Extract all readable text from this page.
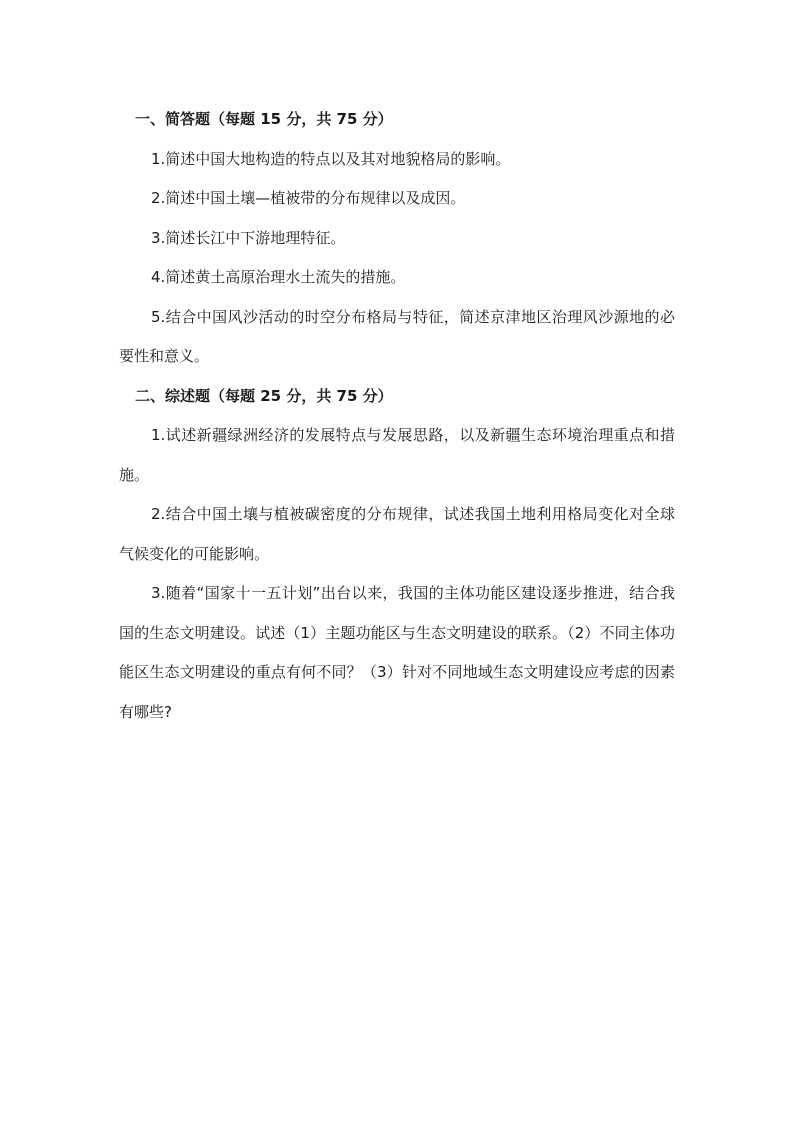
一、简答题（每题 15 分，共 75 分）

1.简述中国大地构造的特点以及其对地貌格局的影响。

2.简述中国土壤—植被带的分布规律以及成因。

3.简述长江中下游地理特征。

4.简述黄土高原治理水土流失的措施。

5.结合中国风沙活动的时空分布格局与特征，简述京津地区治理风沙源地的必要性和意义。

二、综述题（每题 25 分，共 75 分）

1.试述新疆绿洲经济的发展特点与发展思路，以及新疆生态环境治理重点和措施。

2.结合中国土壤与植被碳密度的分布规律，试述我国土地利用格局变化对全球气候变化的可能影响。

3.随着“国家十一五计划”出台以来，我国的主体功能区建设逐步推进，结合我国的生态文明建设。试述（1）主题功能区与生态文明建设的联系。（2）不同主体功能区生态文明建设的重点有何不同？（3）针对不同地域生态文明建设应考虑的因素有哪些?
